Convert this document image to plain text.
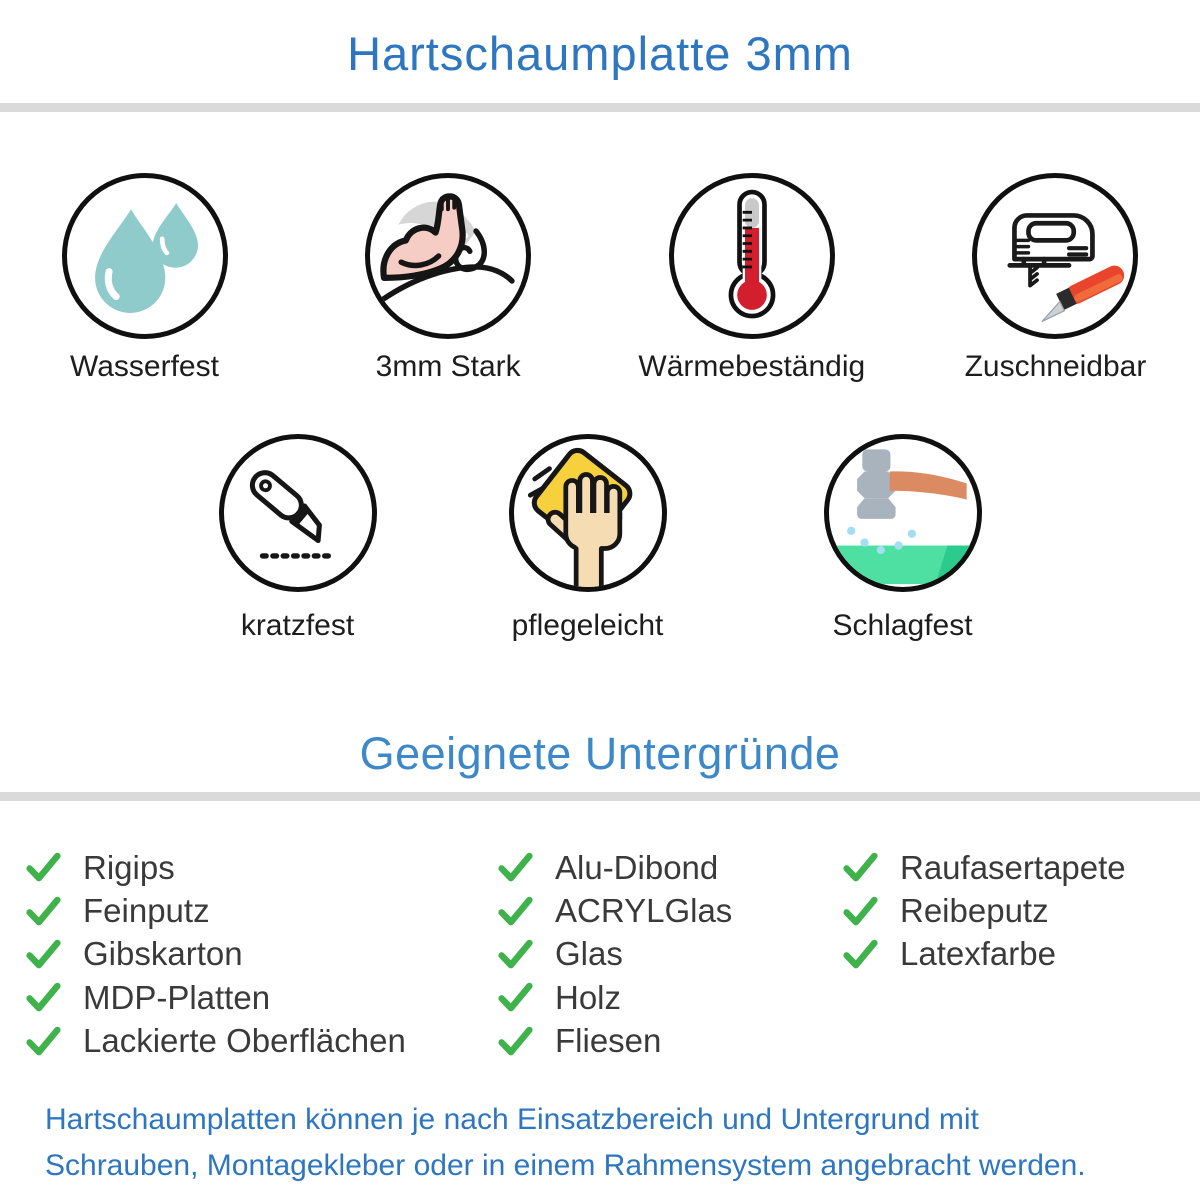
Hartschaumplatte 3mm
Wasserfest	3mm Stark	Wärmebeständig	Zuschneidbar
kratzfest	pflegeleicht	Schlagfest
Geeignete Untergründe
Rigips
Feinputz
Gibskarton
MDP-Platten
Lackierte Oberflächen
Alu-Dibond
ACRYLGlas
Glas
Holz
Fliesen
Raufasertapete
Reibeputz
Latexfarbe
Hartschaumplatten können je nach Einsatzbereich und Untergrund mit
Schrauben, Montagekleber oder in einem Rahmensystem angebracht werden.
